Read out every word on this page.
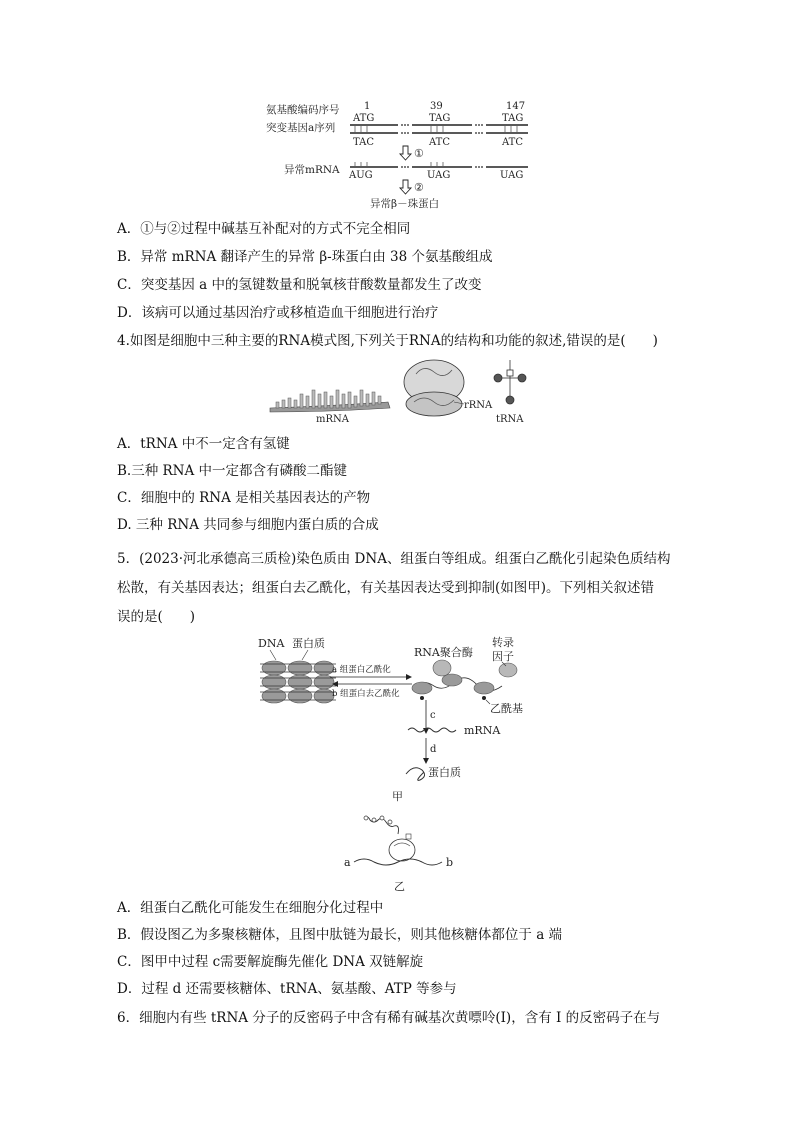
氨基酸编码序号
突变基因a序列
1	39	147
ATG	TAG	TAG
TAC	ATC	ATC
①
异常mRNA AUG	UAG	UAG
②
异常β－珠蛋白
A．①与②过程中碱基互补配对的方式不完全相同
B．异常 mRNA 翻译产生的异常 β-珠蛋白由 38 个氨基酸组成
C．突变基因 a 中的氢键数量和脱氧核苷酸数量都发生了改变
D．该病可以通过基因治疗或移植造血干细胞进行治疗
4.如图是细胞中三种主要的RNA模式图,下列关于RNA的结构和功能的叙述,错误的是(　　)
mRNA
rRNA
tRNA
A．tRNA 中不一定含有氢键
B.三种 RNA 中一定都含有磷酸二酯键
C．细胞中的 RNA 是相关基因表达的产物
D. 三种 RNA 共同参与细胞内蛋白质的合成
5．(2023·河北承德高三质检)染色质由 DNA、组蛋白等组成。组蛋白乙酰化引起染色质结构
松散，有关基因表达；组蛋白去乙酰化，有关基因表达受到抑制(如图甲)。下列相关叙述错
误的是(　　)
DNA 蛋白质
a 组蛋白乙酰化
b 组蛋白去乙酰化
RNA聚合酶
转录
因子
乙酰基
c
mRNA
d
蛋白质
甲
a	b
乙
A．组蛋白乙酰化可能发生在细胞分化过程中
B．假设图乙为多聚核糖体，且图中肽链为最长，则其他核糖体都位于 a 端
C．图甲中过程 c需要解旋酶先催化 DNA 双链解旋
D．过程 d 还需要核糖体、tRNA、氨基酸、ATP 等参与
6．细胞内有些 tRNA 分子的反密码子中含有稀有碱基次黄嘌呤(I)，含有 I 的反密码子在与
